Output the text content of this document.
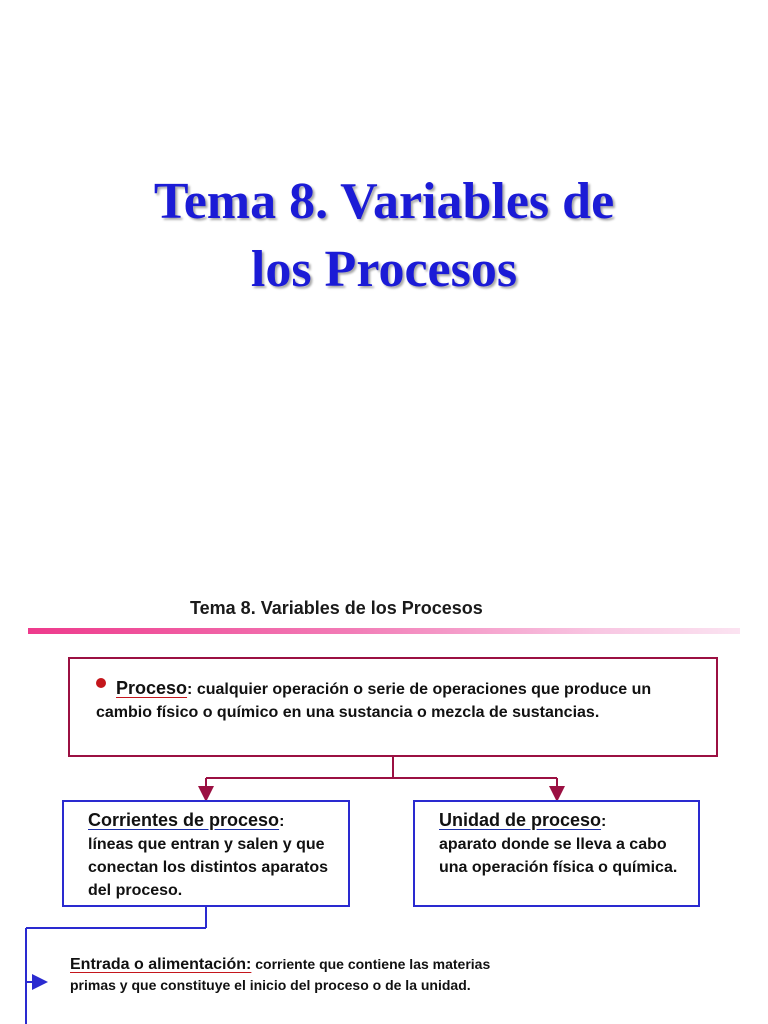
Tema 8. Variables de
los Procesos
Tema 8. Variables de los Procesos
Proceso: cualquier operación o serie de operaciones que produce un cambio físico o químico en una sustancia o mezcla de sustancias.
Corrientes de proceso:
líneas que entran y salen y que conectan los distintos aparatos del proceso.
Unidad de proceso:
aparato donde se lleva a cabo una operación física o química.
Entrada o alimentación: corriente que contiene las materias primas y que constituye el inicio del proceso o de la unidad.
